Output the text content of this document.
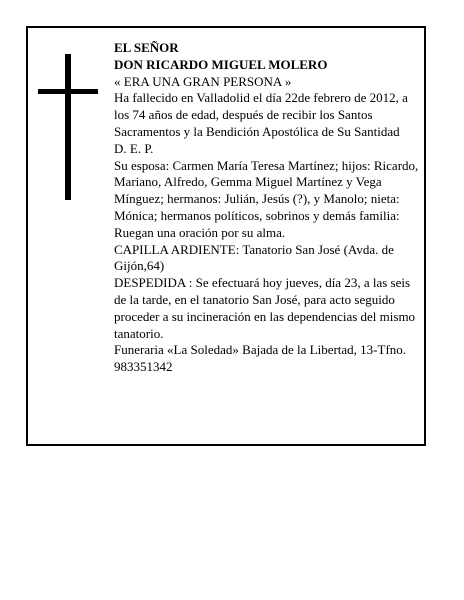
EL SEÑOR
DON RICARDO MIGUEL MOLERO
« ERA UNA GRAN PERSONA »
Ha fallecido en Valladolid el día 22de febrero de 2012, a los 74 años de edad, después de recibir los Santos Sacramentos y la Bendición Apostólica de Su Santidad
D. E. P.
Su esposa: Carmen María Teresa Martínez; hijos: Ricardo, Mariano, Alfredo, Gemma Miguel Martínez y Vega Mínguez; hermanos: Julián, Jesús (?), y Manolo; nieta: Mónica; hermanos políticos, sobrinos y demás familia:
Ruegan una oración por su alma.
CAPILLA ARDIENTE: Tanatorio San José (Avda. de Gijón,64)
DESPEDIDA : Se efectuará hoy jueves, día 23, a las seis de la tarde, en el tanatorio San José, para acto seguido proceder a su incineración en las dependencias del mismo tanatorio.
Funeraria «La Soledad» Bajada de la Libertad, 13-Tfno. 983351342
